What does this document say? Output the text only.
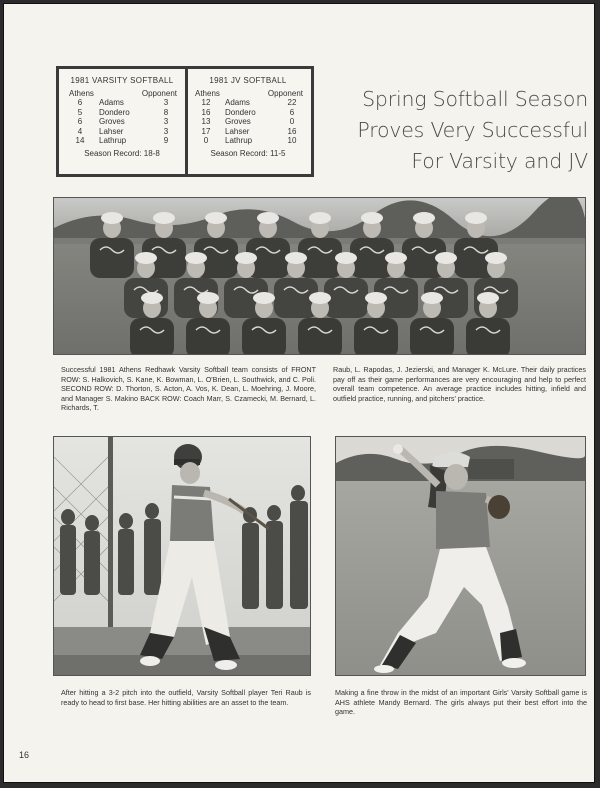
1981 VARSITY SOFTBALL
Athens	Opponent
6	Adams	3
5	Dondero	8
6	Groves	3
4	Lahser	3
14	Lathrup	9
Season Record: 18-8
1981 JV SOFTBALL
Athens	Opponent
12	Adams	22
16	Dondero	6
13	Groves	0
17	Lahser	16
0	Lathrup	10
Season Record: 11-5
Spring Softball Season
Proves Very Successful
For Varsity and JV
Successful 1981 Athens Redhawk Varsity Softball team consists of FRONT ROW: S. Halkovich, S. Kane, K. Bowman, L. O'Brien, L. Southwick, and C. Poli. SECOND ROW: D. Thorton, S. Acton, A. Vos, K. Dean, L. Moehring, J. Moore, and Manager S. Makino BACK ROW: Coach Marr, S. Czamecki, M. Bernard, L. Richards, T.
Raub, L. Rapodas, J. Jezierski, and Manager K. McLure. Their daily practices pay off as their game performances are very encouraging and help to perfect overall team competence. An average practice includes hitting, infield and outfield practice, running, and pitchers' practice.
After hitting a 3-2 pitch into the outfield, Varsity Softball player Teri Raub is ready to head to first base. Her hitting abilities are an asset to the team.
Making a fine throw in the midst of an important Girls' Varsity Softball game is AHS athlete Mandy Bernard. The girls always put their best effort into the game.
16
